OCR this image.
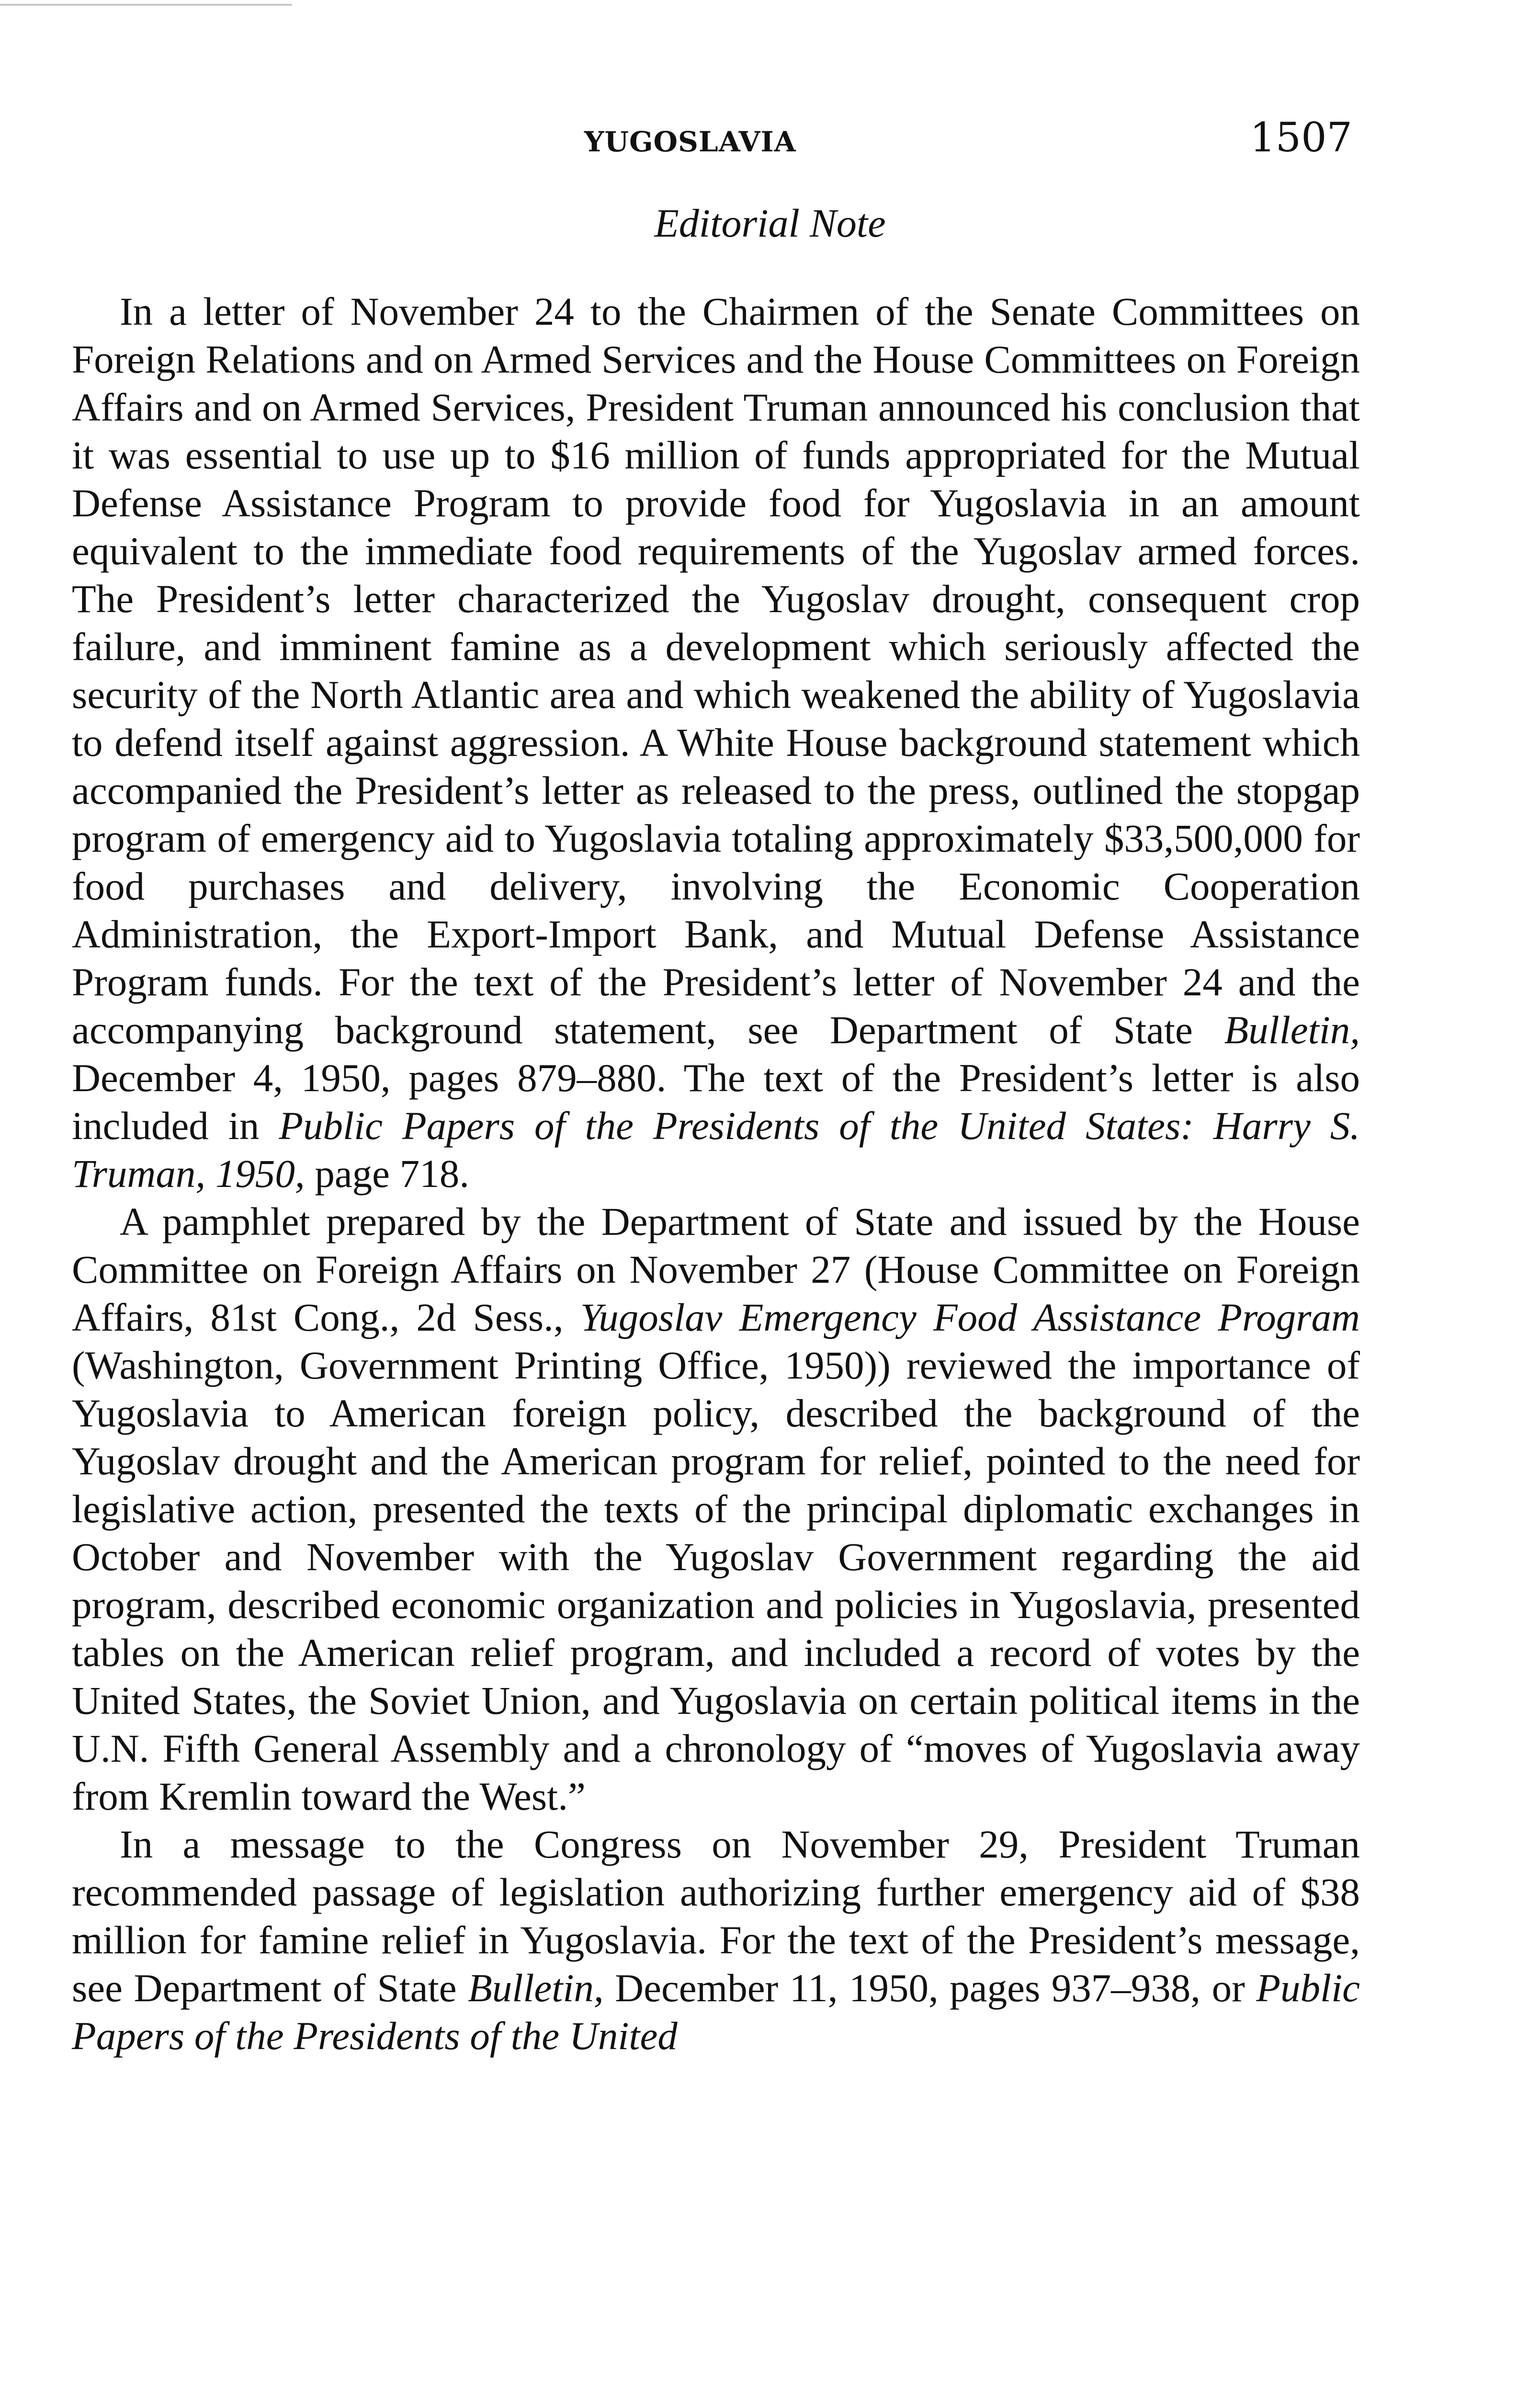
YUGOSLAVIA	1507
Editorial Note

In a letter of November 24 to the Chairmen of the Senate Committees on Foreign Relations and on Armed Services and the House Committees on Foreign Affairs and on Armed Services, President Truman announced his conclusion that it was essential to use up to $16 million of funds appropriated for the Mutual Defense Assistance Program to provide food for Yugoslavia in an amount equivalent to the immediate food requirements of the Yugoslav armed forces. The President’s letter characterized the Yugoslav drought, consequent crop failure, and imminent famine as a development which seriously affected the security of the North Atlantic area and which weakened the ability of Yugoslavia to defend itself against aggression. A White House background statement which accompanied the President’s letter as released to the press, outlined the stopgap program of emergency aid to Yugoslavia totaling approximately $33,500,000 for food purchases and delivery, involving the Economic Cooperation Administration, the Export-Import Bank, and Mutual Defense Assistance Program funds. For the text of the President’s letter of November 24 and the accompanying background statement, see Department of State Bulletin, December 4, 1950, pages 879–880. The text of the President’s letter is also included in Public Papers of the Presidents of the United States: Harry S. Truman, 1950, page 718.

A pamphlet prepared by the Department of State and issued by the House Committee on Foreign Affairs on November 27 (House Committee on Foreign Affairs, 81st Cong., 2d Sess., Yugoslav Emergency Food Assistance Program (Washington, Government Printing Office, 1950)) reviewed the importance of Yugoslavia to American foreign policy, described the background of the Yugoslav drought and the American program for relief, pointed to the need for legislative action, presented the texts of the principal diplomatic exchanges in October and November with the Yugoslav Government regarding the aid program, described economic organization and policies in Yugoslavia, presented tables on the American relief program, and included a record of votes by the United States, the Soviet Union, and Yugoslavia on certain political items in the U.N. Fifth General Assembly and a chronology of “moves of Yugoslavia away from Kremlin toward the West.”

In a message to the Congress on November 29, President Truman recommended passage of legislation authorizing further emergency aid of $38 million for famine relief in Yugoslavia. For the text of the President’s message, see Department of State Bulletin, December 11, 1950, pages 937–938, or Public Papers of the Presidents of the United
